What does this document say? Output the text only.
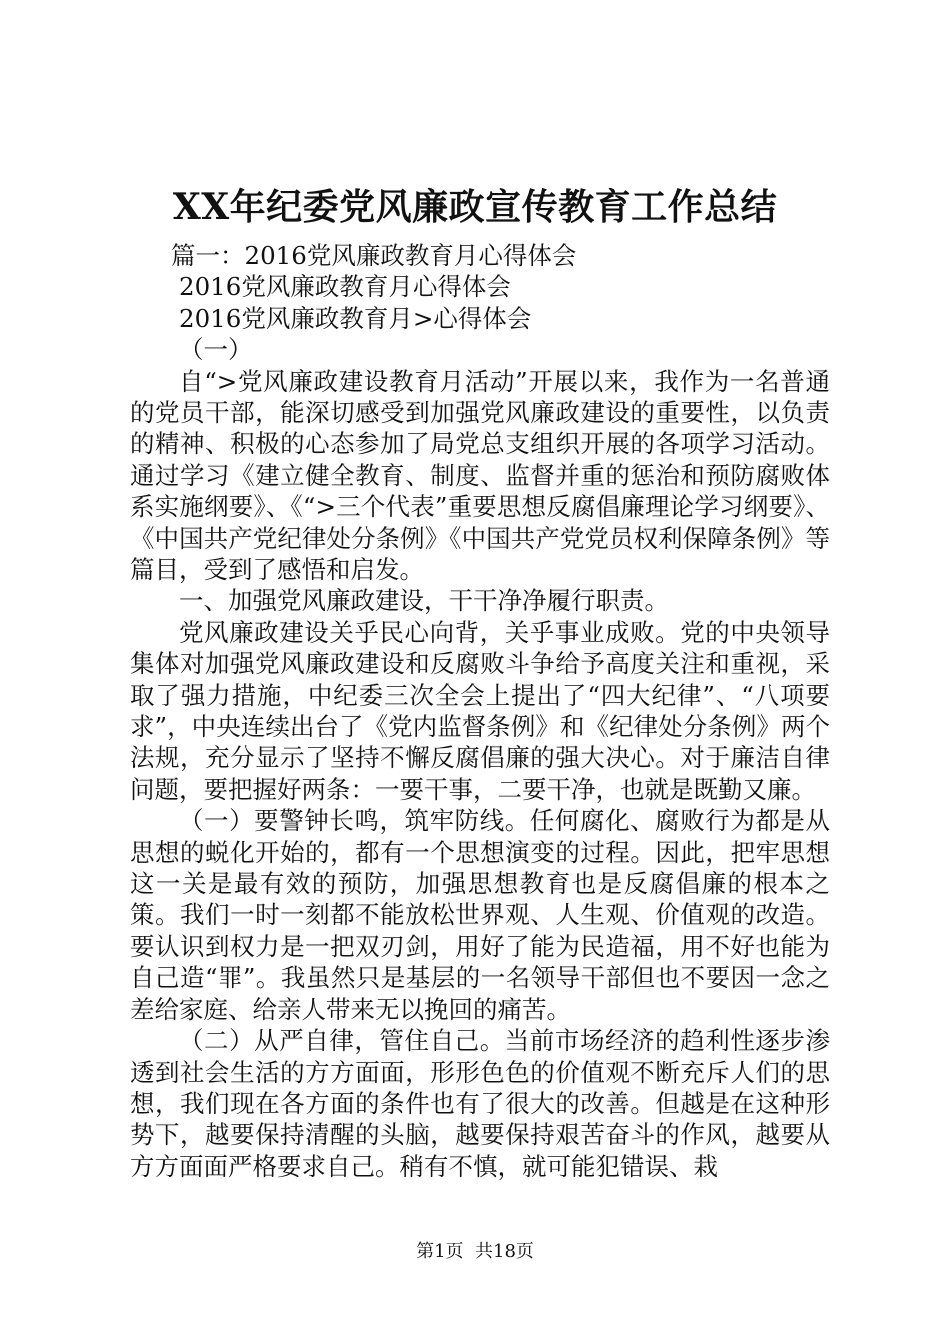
XX年纪委党风廉政宣传教育工作总结

篇一：2016党风廉政教育月心得体会

2016党风廉政教育月心得体会

2016党风廉政教育月>心得体会

（一）

自“>党风廉政建设教育月活动”开展以来，我作为一名普通的党员干部，能深切感受到加强党风廉政建设的重要性，以负责的精神、积极的心态参加了局党总支组织开展的各项学习活动。通过学习《建立健全教育、制度、监督并重的惩治和预防腐败体系实施纲要》、《“>三个代表”重要思想反腐倡廉理论学习纲要》、《中国共产党纪律处分条例》《中国共产党党员权利保障条例》等篇目，受到了感悟和启发。

一、加强党风廉政建设，干干净净履行职责。

党风廉政建设关乎民心向背，关乎事业成败。党的中央领导集体对加强党风廉政建设和反腐败斗争给予高度关注和重视，采取了强力措施，中纪委三次全会上提出了“四大纪律”、“八项要求”，中央连续出台了《党内监督条例》和《纪律处分条例》两个法规，充分显示了坚持不懈反腐倡廉的强大决心。对于廉洁自律问题，要把握好两条：一要干事，二要干净，也就是既勤又廉。

（一）要警钟长鸣，筑牢防线。任何腐化、腐败行为都是从思想的蜕化开始的，都有一个思想演变的过程。因此，把牢思想这一关是最有效的预防，加强思想教育也是反腐倡廉的根本之策。我们一时一刻都不能放松世界观、人生观、价值观的改造。要认识到权力是一把双刃剑，用好了能为民造福，用不好也能为自己造“罪”。我虽然只是基层的一名领导干部但也不要因一念之差给家庭、给亲人带来无以挽回的痛苦。

（二）从严自律，管住自己。当前市场经济的趋利性逐步渗透到社会生活的方方面面，形形色色的价值观不断充斥人们的思想，我们现在各方面的条件也有了很大的改善。但越是在这种形势下，越要保持清醒的头脑，越要保持艰苦奋斗的作风，越要从方方面面严格要求自己。稍有不慎，就可能犯错误、栽

第1页  共18页
